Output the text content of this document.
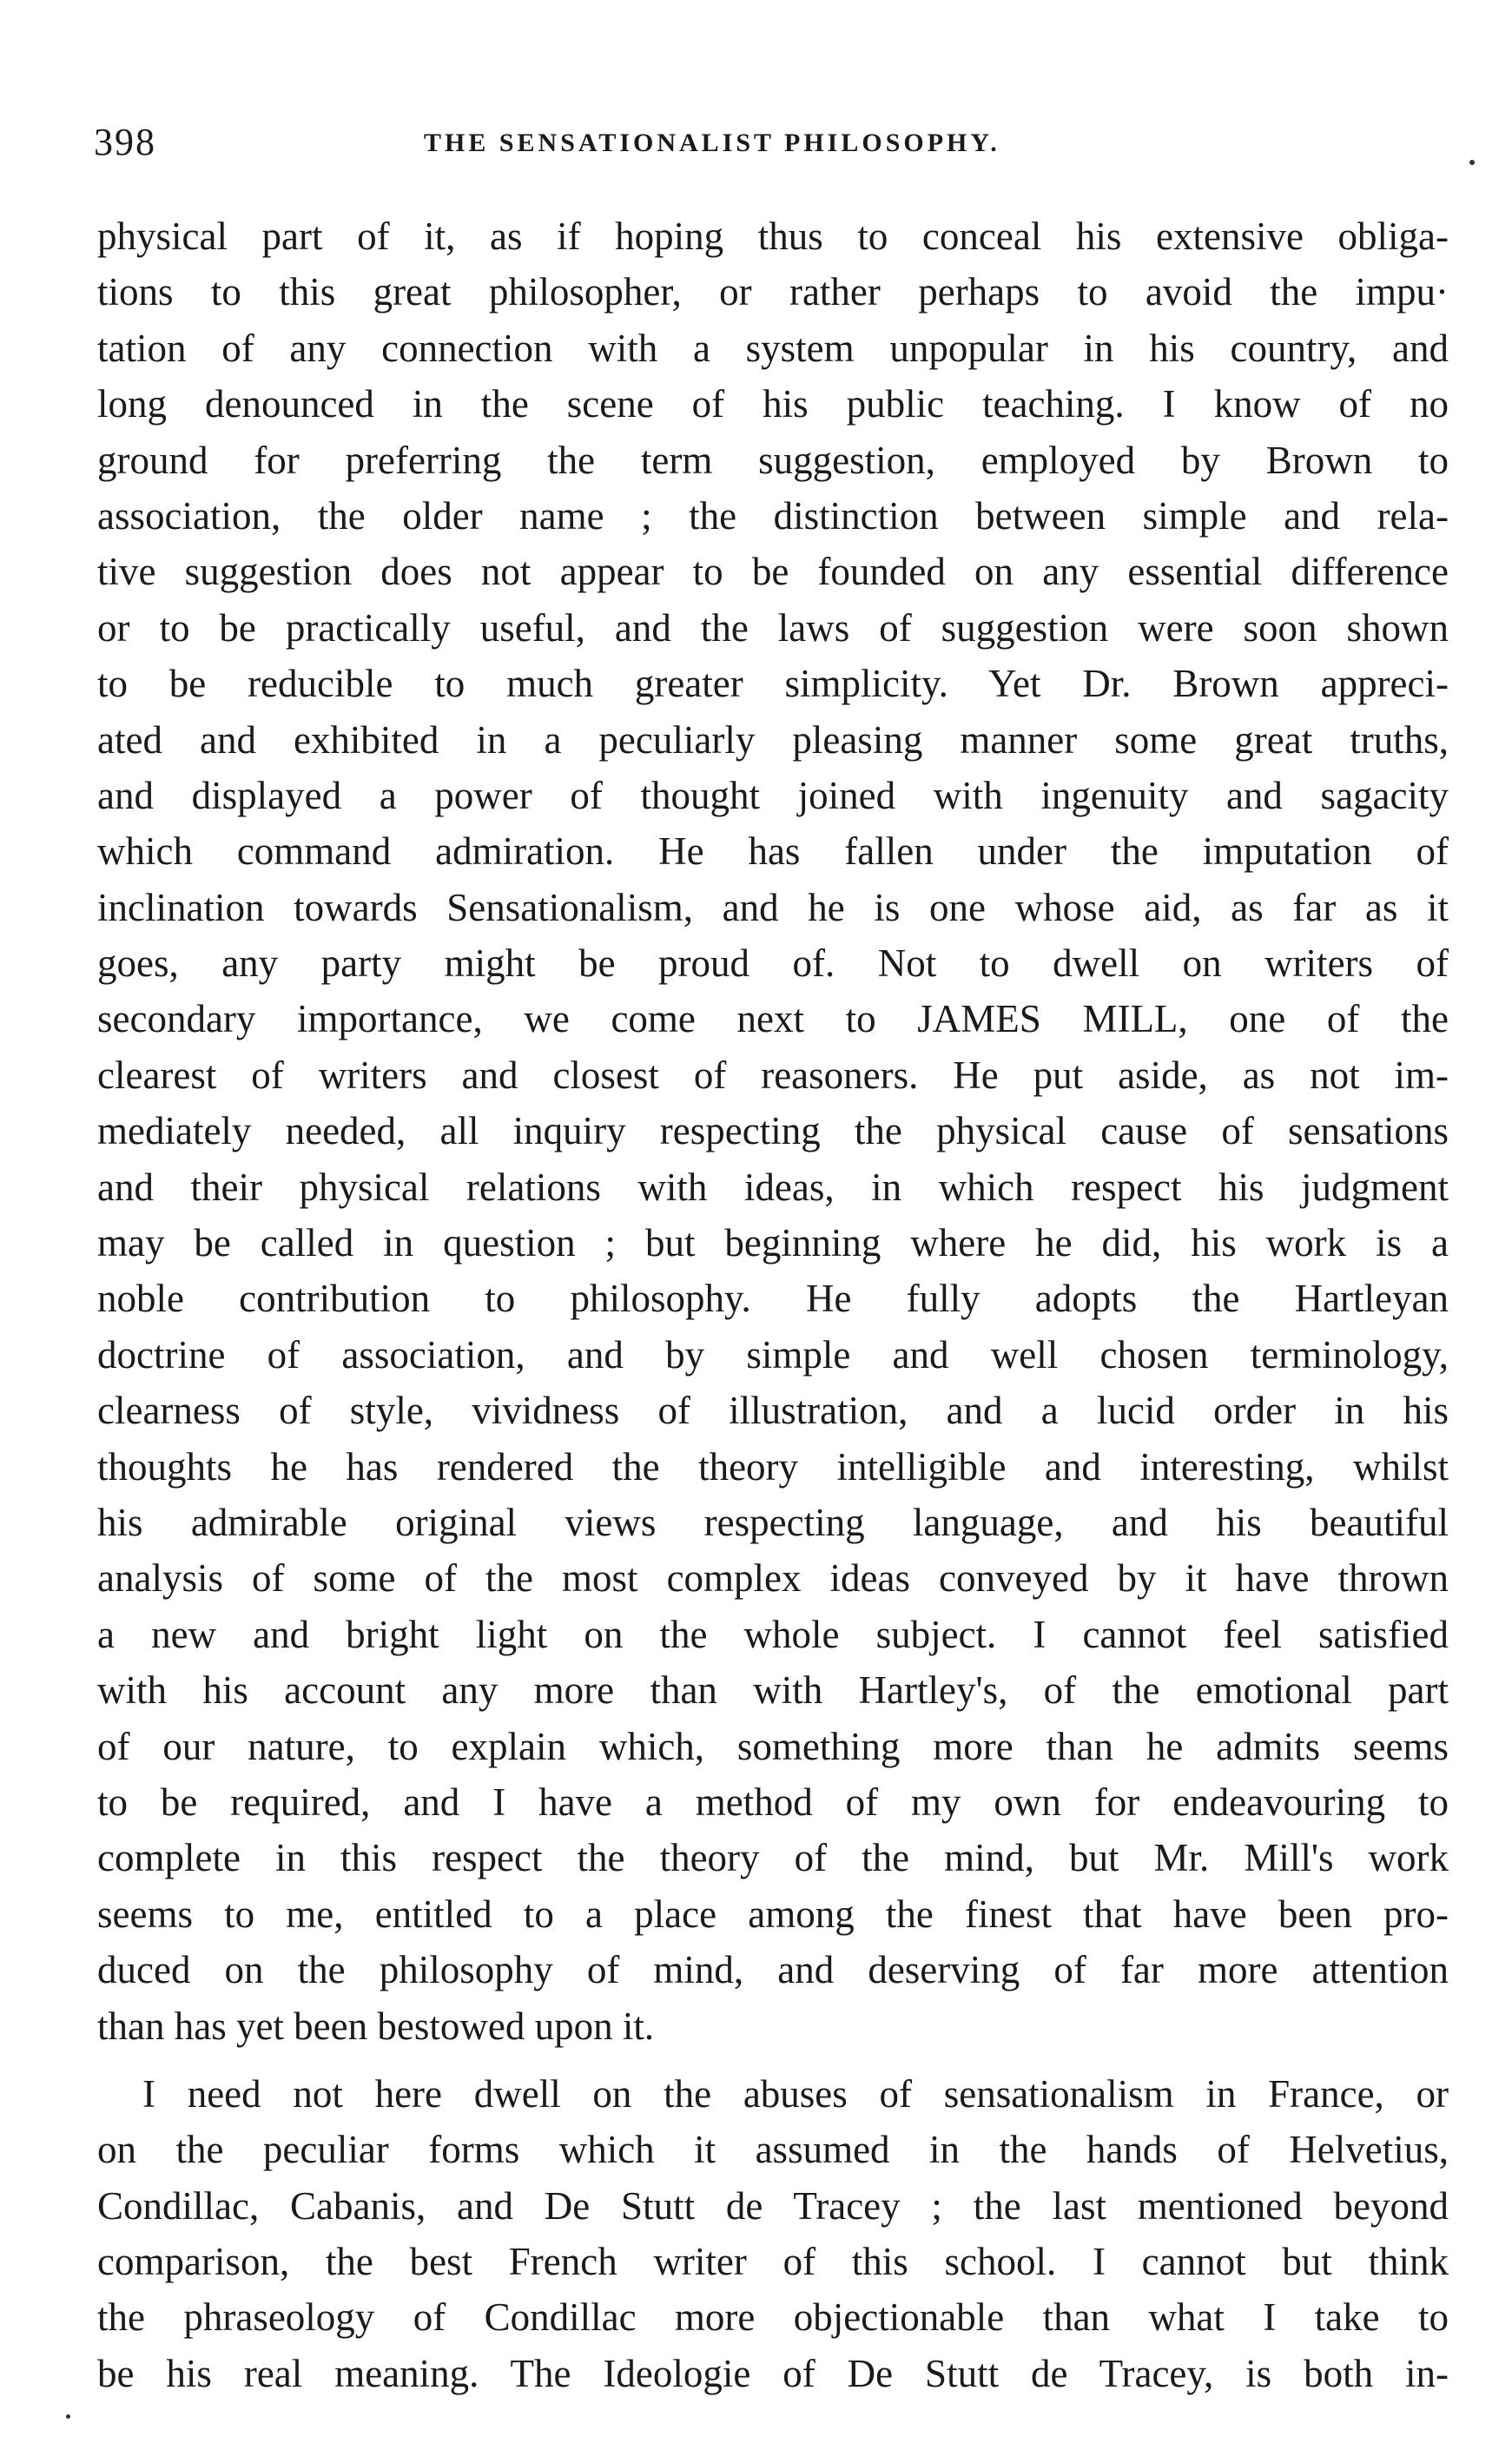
398	THE SENSATIONALIST PHILOSOPHY.
physical part of it, as if hoping thus to conceal his extensive obliga-
tions to this great philosopher, or rather perhaps to avoid the impu·
tation of any connection with a system unpopular in his country, and
long denounced in the scene of his public teaching. I know of no
ground for preferring the term suggestion, employed by Brown to
association, the older name ; the distinction between simple and rela-
tive suggestion does not appear to be founded on any essential difference
or to be practically useful, and the laws of suggestion were soon shown
to be reducible to much greater simplicity. Yet Dr. Brown appreci-
ated and exhibited in a peculiarly pleasing manner some great truths,
and displayed a power of thought joined with ingenuity and sagacity
which command admiration. He has fallen under the imputation of
inclination towards Sensationalism, and he is one whose aid, as far as it
goes, any party might be proud of. Not to dwell on writers of
secondary importance, we come next to JAMES MILL, one of the
clearest of writers and closest of reasoners. He put aside, as not im-
mediately needed, all inquiry respecting the physical cause of sensations
and their physical relations with ideas, in which respect his judgment
may be called in question ; but beginning where he did, his work is a
noble contribution to philosophy. He fully adopts the Hartleyan
doctrine of association, and by simple and well chosen terminology,
clearness of style, vividness of illustration, and a lucid order in his
thoughts he has rendered the theory intelligible and interesting, whilst
his admirable original views respecting language, and his beautiful
analysis of some of the most complex ideas conveyed by it have thrown
a new and bright light on the whole subject. I cannot feel satisfied
with his account any more than with Hartley's, of the emotional part
of our nature, to explain which, something more than he admits seems
to be required, and I have a method of my own for endeavouring to
complete in this respect the theory of the mind, but Mr. Mill's work
seems to me, entitled to a place among the finest that have been pro-
duced on the philosophy of mind, and deserving of far more attention
than has yet been bestowed upon it.
I need not here dwell on the abuses of sensationalism in France, or
on the peculiar forms which it assumed in the hands of Helvetius,
Condillac, Cabanis, and De Stutt de Tracey ; the last mentioned beyond
comparison, the best French writer of this school. I cannot but think
the phraseology of Condillac more objectionable than what I take to
be his real meaning. The Ideologie of De Stutt de Tracey, is both in-
